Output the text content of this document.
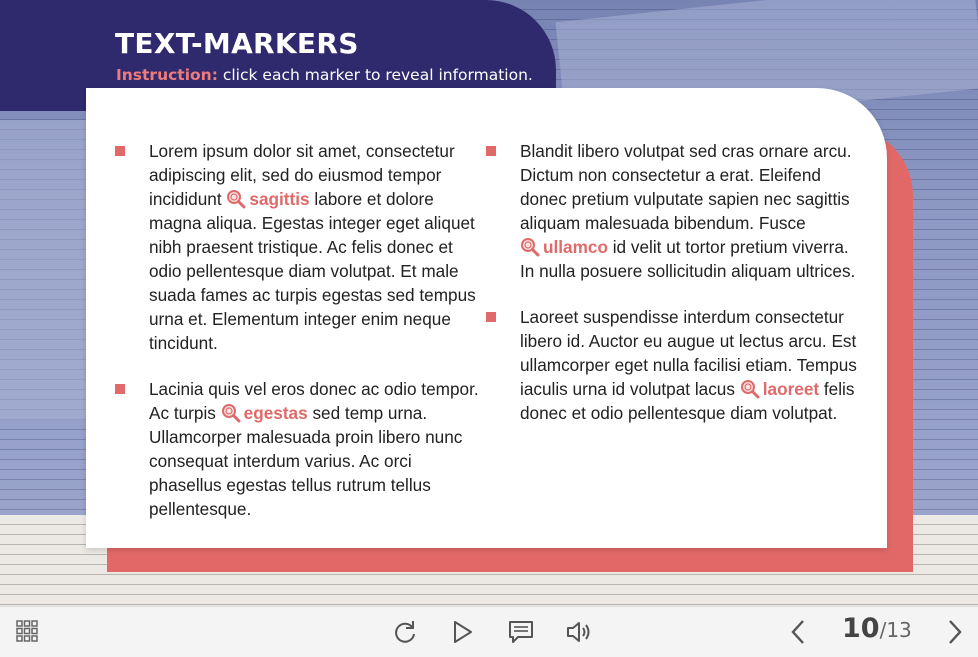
TEXT-MARKERS
Instruction: click each marker to reveal information.

Lorem ipsum dolor sit amet, consectetur adipiscing elit, sed do eiusmod tempor incididunt sagittis labore et dolore magna aliqua. Egestas integer eget aliquet nibh praesent tristique. Ac felis donec et odio pellentesque diam volutpat. Et male suada fames ac turpis egestas sed tempus urna et. Elementum integer enim neque tincidunt.

Lacinia quis vel eros donec ac odio tempor. Ac turpis egestas sed temp urna. Ullamcorper malesuada proin libero nunc consequat interdum varius. Ac orci phasellus egestas tellus rutrum tellus pellentesque.

Blandit libero volutpat sed cras ornare arcu. Dictum non consectetur a erat. Eleifend donec pretium vulputate sapien nec sagittis aliquam malesuada bibendum. Fusce ullamco id velit ut tortor pretium viverra. In nulla posuere sollicitudin aliquam ultrices.

Laoreet suspendisse interdum consectetur libero id. Auctor eu augue ut lectus arcu. Est ullamcorper eget nulla facilisi etiam. Tempus iaculis urna id volutpat lacus laoreet felis donec et odio pellentesque diam volutpat.

10/13
